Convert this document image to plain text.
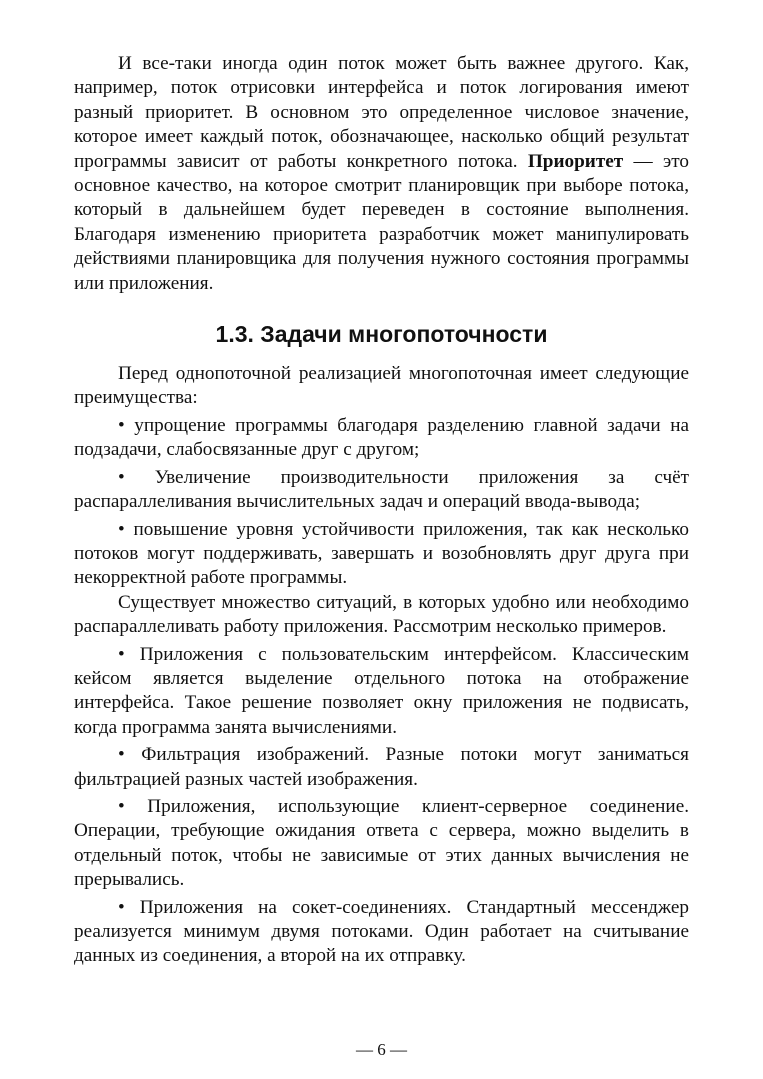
И все-таки иногда один поток может быть важнее другого. Как, например, поток отрисовки интерфейса и поток логирования имеют разный приоритет. В основном это определенное числовое значение, которое имеет каждый поток, обозначающее, насколько общий результат программы зависит от работы конкретного потока. Приоритет — это основное качество, на которое смотрит планировщик при выборе потока, который в дальнейшем будет переведен в состояние выполнения. Благодаря изменению приоритета разработчик может манипулировать действиями планировщика для получения нужного состояния программы или приложения.

1.3. Задачи многопоточности

Перед однопоточной реализацией многопоточная имеет следующие преимущества:

• упрощение программы благодаря разделению главной задачи на подзадачи, слабосвязанные друг с другом;

• Увеличение производительности приложения за счёт распараллеливания вычислительных задач и операций ввода-вывода;

• повышение уровня устойчивости приложения, так как несколько потоков могут поддерживать, завершать и возобновлять друг друга при некорректной работе программы.

Существует множество ситуаций, в которых удобно или необходимо распараллеливать работу приложения. Рассмотрим несколько примеров.

• Приложения с пользовательским интерфейсом. Классическим кейсом является выделение отдельного потока на отображение интерфейса. Такое решение позволяет окну приложения не подвисать, когда программа занята вычислениями.

• Фильтрация изображений. Разные потоки могут заниматься фильтрацией разных частей изображения.

• Приложения, использующие клиент-серверное соединение. Операции, требующие ожидания ответа с сервера, можно выделить в отдельный поток, чтобы не зависимые от этих данных вычисления не прерывались.

• Приложения на сокет-соединениях. Стандартный мессенджер реализуется минимум двумя потоками. Один работает на считывание данных из соединения, а второй на их отправку.

— 6 —
